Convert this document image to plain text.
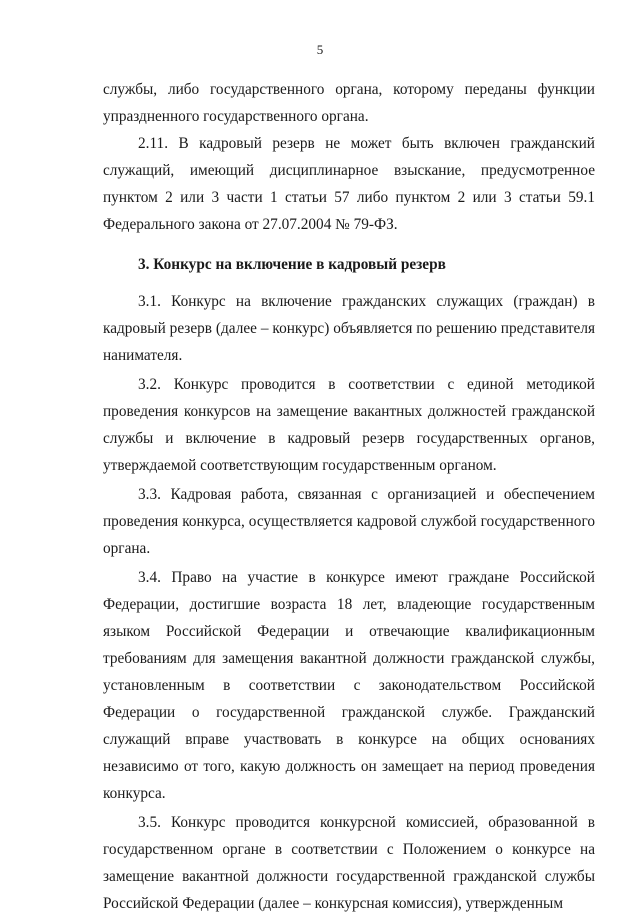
5

службы, либо государственного органа, которому переданы функции упраздненного государственного органа.

2.11. В кадровый резерв не может быть включен гражданский служащий, имеющий дисциплинарное взыскание, предусмотренное пунктом 2 или 3 части 1 статьи 57 либо пунктом 2 или 3 статьи 59.1 Федерального закона от 27.07.2004 № 79-ФЗ.

3. Конкурс на включение в кадровый резерв

3.1. Конкурс на включение гражданских служащих (граждан) в кадровый резерв (далее – конкурс) объявляется по решению представителя нанимателя.

3.2. Конкурс проводится в соответствии с единой методикой проведения конкурсов на замещение вакантных должностей гражданской службы и включение в кадровый резерв государственных органов, утверждаемой соответствующим государственным органом.

3.3. Кадровая работа, связанная с организацией и обеспечением проведения конкурса, осуществляется кадровой службой государственного органа.

3.4. Право на участие в конкурсе имеют граждане Российской Федерации, достигшие возраста 18 лет, владеющие государственным языком Российской Федерации и отвечающие квалификационным требованиям для замещения вакантной должности гражданской службы, установленным в соответствии с законодательством Российской Федерации о государственной гражданской службе. Гражданский служащий вправе участвовать в конкурсе на общих основаниях независимо от того, какую должность он замещает на период проведения конкурса.

3.5. Конкурс проводится конкурсной комиссией, образованной в государственном органе в соответствии с Положением о конкурсе на замещение вакантной должности государственной гражданской службы Российской Федерации (далее – конкурсная комиссия), утвержденным
